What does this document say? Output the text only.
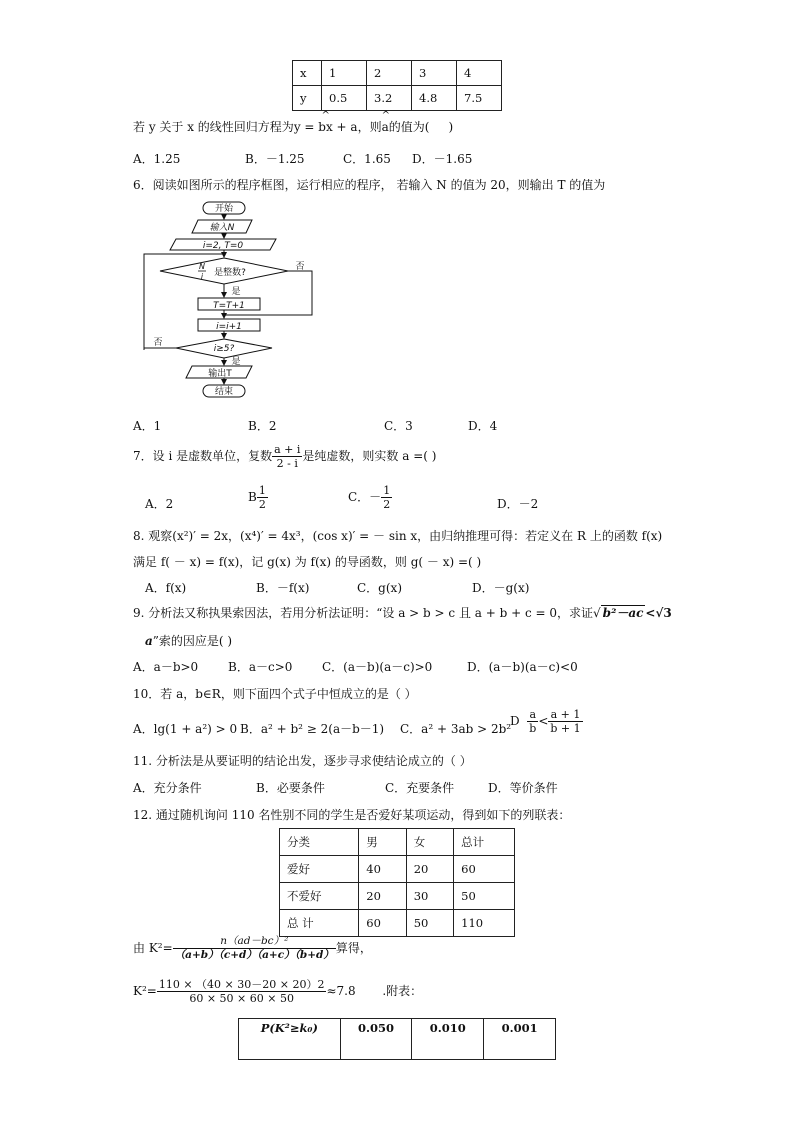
x	1	2	3	4
y	0.5	3.2	4.8	7.5
若 y 关于 x 的线性回归方程为^ y = bx + a，则^ a的值为( )
A．1.25	B．－1.25	C．1.65 D．－1.65
6．阅读如图所示的程序框图，运行相应的程序， 若输入 N 的值为 20，则输出 T 的值为
开始
输入N
i=2, T=0
N
i 是整数?
否
是
T=T+1
i=i+1
i≥5?
否
是
输出T
结束
A．1	B．2	C．3	D．4
7．设 i 是虚数单位，复数 $\frac{a + i}{2 - i}$ 是纯虚数，则实数 a =( )
A．2	B $\frac{1}{2}$	C．－ $\frac{1}{2}$	D．－2
8. 观察(x²)′ = 2x，(x⁴)′ = 4x³，(cos x)′ = － sin x，由归纳推理可得：若定义在 R 上的函数 f(x)
满足 f( － x) = f(x)，记 g(x) 为 f(x) 的导函数，则 g( － x) =( )
A．f(x)	B．－f(x)	C．g(x)	D．－g(x)
9. 分析法又称执果索因法，若用分析法证明：“设 a > b > c 且 a + b + c = 0，求证√ b²－ac <√3
a”索的因应是( )
A．a－b>0 B．a－c>0 C．(a－b)(a－c)>0	D．(a－b)(a－c)<0
10．若 a，b∈R，则下面四个式子中恒成立的是（ ）
A．lg(1 + a²) > 0 B．a² + b² ≥ 2(a－b－1) C．a² + 3ab > 2b²
D $\frac{a}{b} < \frac{a + 1}{b + 1}$
11. 分析法是从要证明的结论出发，逐步寻求使结论成立的（ ）
A．充分条件	B．必要条件	C．充要条件	D．等价条件
12. 通过随机询问 110 名性别不同的学生是否爱好某项运动，得到如下的列联表：
分类	男	女	总计
爱好	40	20	60
不爱好	20	30	50
总 计	60	50	110
由 $K^2= \frac{\text{n（ad－bc）²}}{(a+b)(c+d)(a+c)(b+d)}$ 算得，
$K^2= \frac{110 \times (40 \times 30-20 \times 20)2}{60 \times 50 \times 60 \times 50} \approx 7.8$ .附表：
P(K²≥k₀)	0.050	0.010	0.001
